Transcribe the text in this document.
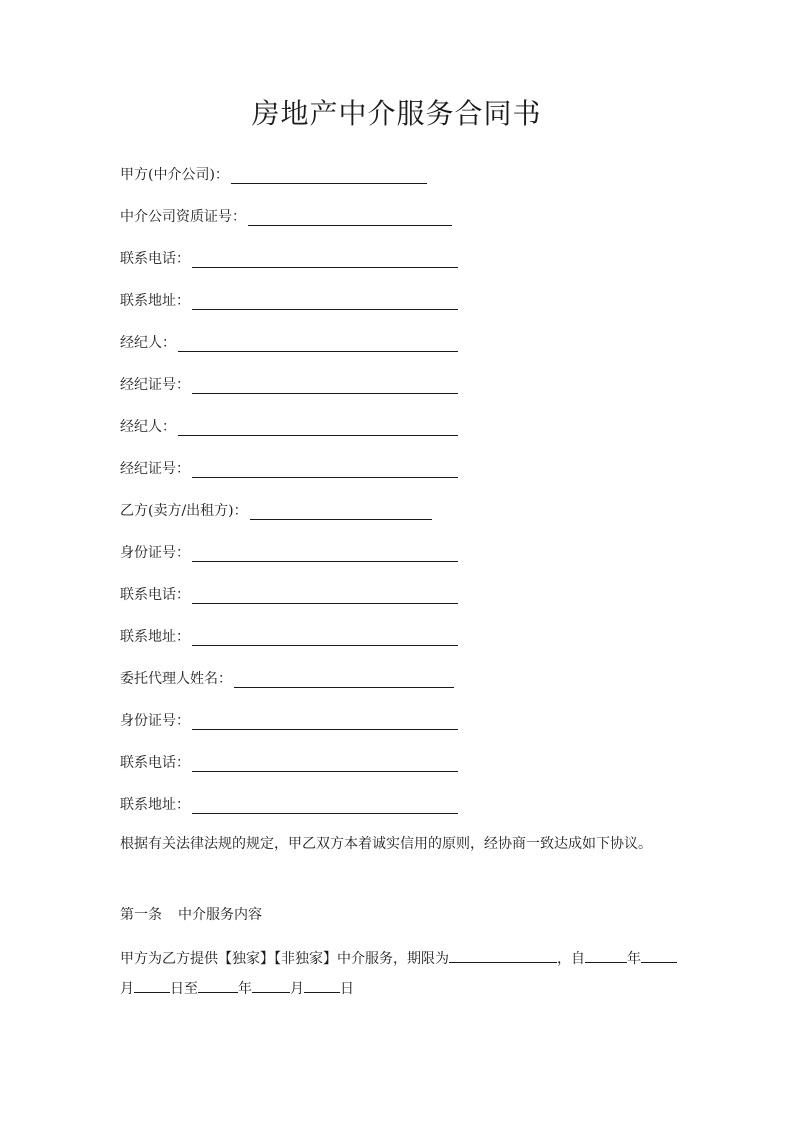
房地产中介服务合同书
甲方(中介公司)：
中介公司资质证号：
联系电话：
联系地址：
经纪人：
经纪证号：
经纪人：
经纪证号：
乙方(卖方/出租方)：
身份证号：
联系电话：
联系地址：
委托代理人姓名：
身份证号：
联系电话：
联系地址：

根据有关法律法规的规定，甲乙双方本着诚实信用的原则，经协商一致达成如下协议。

第一条 中介服务内容

甲方为乙方提供【独家】【非独家】中介服务，期限为	，自	年月	日至	年	月	日
